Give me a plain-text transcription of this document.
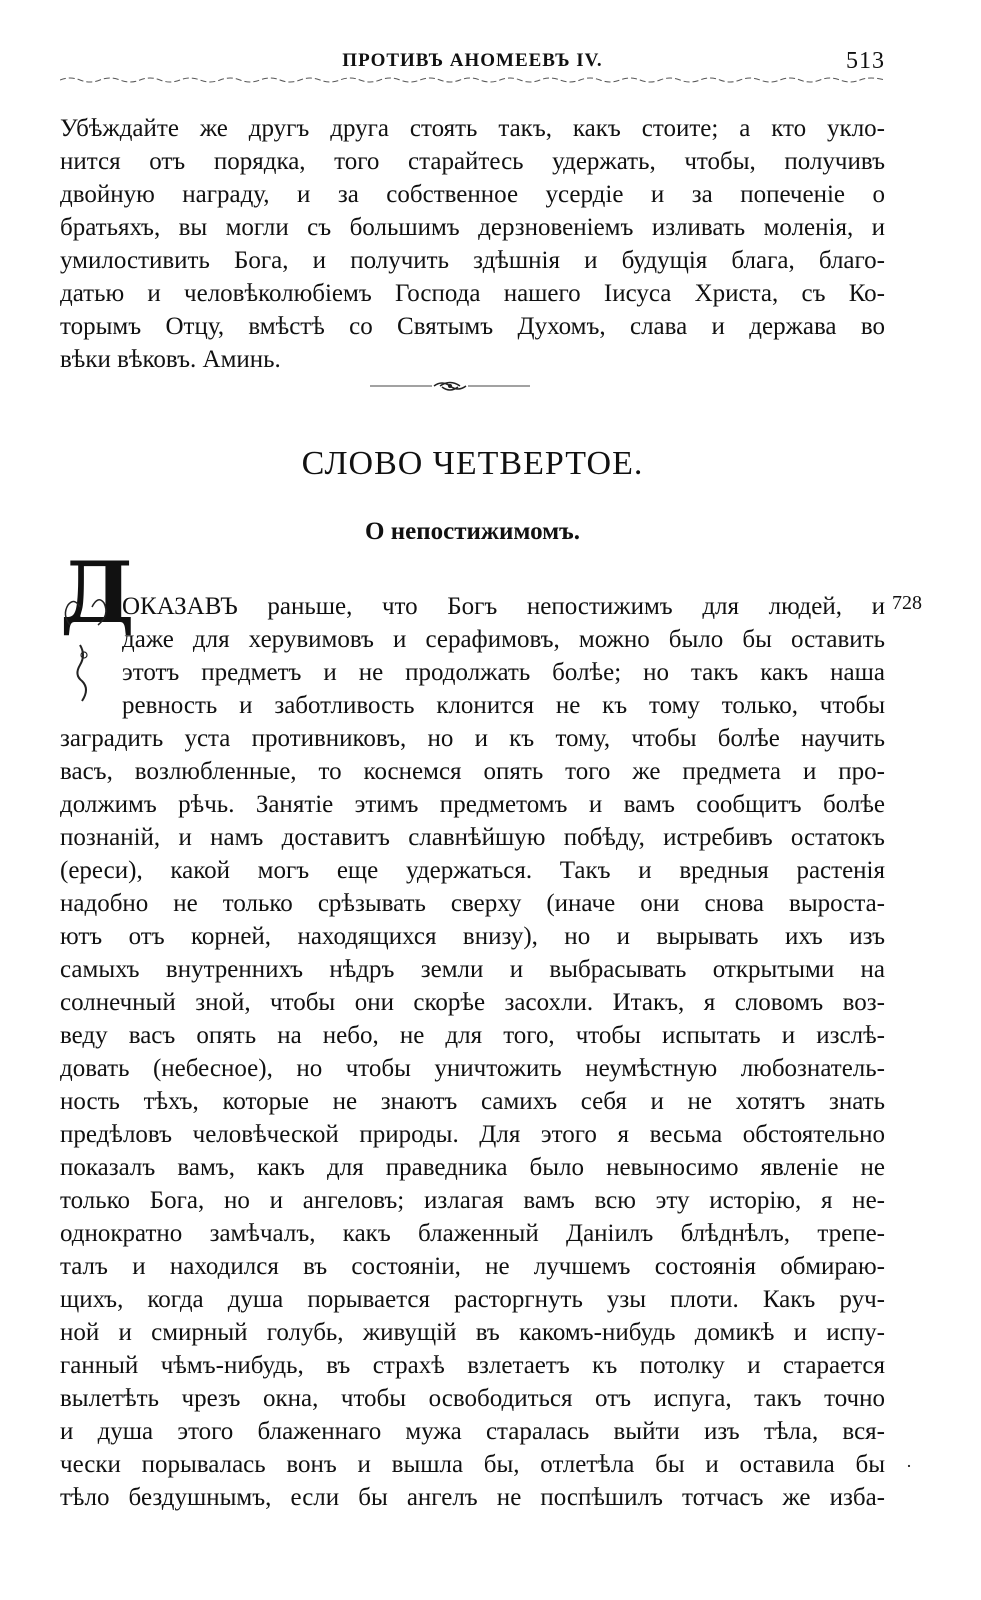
ПРОТИВЪ АНОМЕЕВЪ IV.	513
Убѣждайте же другъ друга стоять такъ, какъ стоите; а кто укло-
нится отъ порядка, того старайтесь удержать, чтобы, получивъ
двойную награду, и за собственное усердіе и за попеченіе о
братьяхъ, вы могли съ большимъ дерзновеніемъ изливать моленія, и
умилостивить Бога, и получить здѣшнія и будущія блага, благо-
датью и человѣколюбіемъ Господа нашего Іисуса Христа, съ Ко-
торымъ Отцу, вмѣстѣ со Святымъ Духомъ, слава и держава во
вѣки вѣковъ. Аминь.
СЛОВО ЧЕТВЕРТОЕ.
О непостижимомъ.
Д
ОКАЗАВЪ раньше, что Богъ непостижимъ для людей, и
даже для херувимовъ и серафимовъ, можно было бы оставить
этотъ предметъ и не продолжать болѣе; но такъ какъ наша
ревность и заботливость клонится не къ тому только, чтобы
заградить уста противниковъ, но и къ тому, чтобы болѣе научить
васъ, возлюбленные, то коснемся опять того же предмета и про-
должимъ рѣчь. Занятіе этимъ предметомъ и вамъ сообщитъ болѣе
познаній, и намъ доставитъ славнѣйшую побѣду, истребивъ остатокъ
(ереси), какой могъ еще удержаться. Такъ и вредныя растенія
надобно не только срѣзывать сверху (иначе они снова выроста-
ютъ отъ корней, находящихся внизу), но и вырывать ихъ изъ
самыхъ внутреннихъ нѣдръ земли и выбрасывать открытыми на
солнечный зной, чтобы они скорѣе засохли. Итакъ, я словомъ воз-
веду васъ опять на небо, не для того, чтобы испытать и изслѣ-
довать (небесное), но чтобы уничтожить неумѣстную любознатель-
ность тѣхъ, которые не знаютъ самихъ себя и не хотятъ знать
предѣловъ человѣческой природы. Для этого я весьма обстоятельно
показалъ вамъ, какъ для праведника было невыносимо явленіе не
только Бога, но и ангеловъ; излагая вамъ всю эту исторію, я не-
однократно замѣчалъ, какъ блаженный Даніилъ блѣднѣлъ, трепе-
талъ и находился въ состояніи, не лучшемъ состоянія обмираю-
щихъ, когда душа порывается расторгнуть узы плоти. Какъ руч-
ной и смирный голубь, живущій въ какомъ-нибудь домикѣ и испу-
ганный чѣмъ-нибудь, въ страхѣ взлетаетъ къ потолку и старается
вылетѣть чрезъ окна, чтобы освободиться отъ испуга, такъ точно
и душа этого блаженнаго мужа старалась выйти изъ тѣла, вся-
чески порывалась вонъ и вышла бы, отлетѣла бы и оставила бы
тѣло бездушнымъ, если бы ангелъ не поспѣшилъ тотчасъ же изба-
728
·
